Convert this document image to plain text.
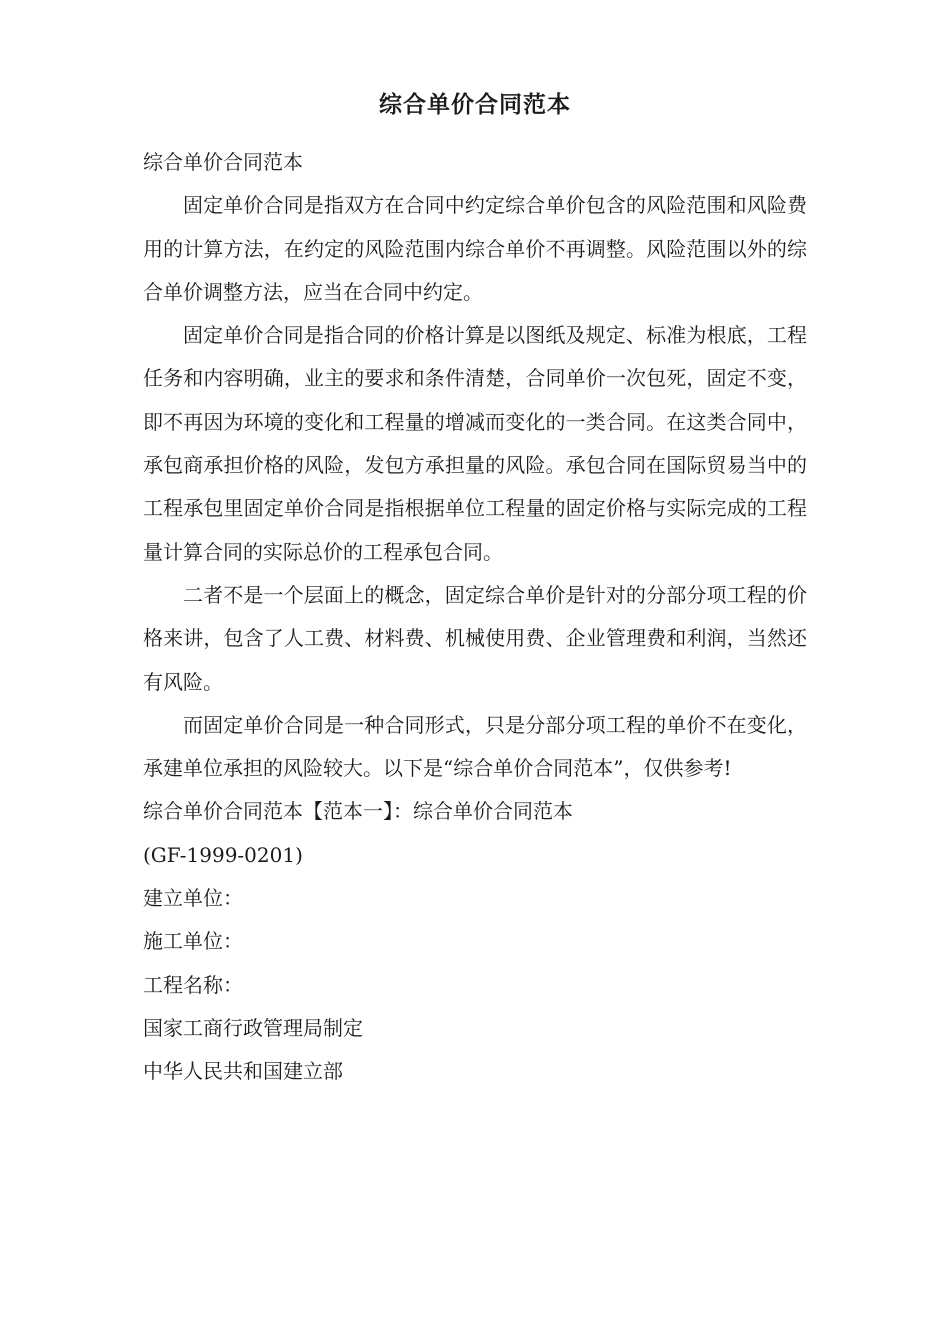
综合单价合同范本

综合单价合同范本

固定单价合同是指双方在合同中约定综合单价包含的风险范围和风险费用的计算方法，在约定的风险范围内综合单价不再调整。风险范围以外的综合单价调整方法，应当在合同中约定。

固定单价合同是指合同的价格计算是以图纸及规定、标准为根底，工程任务和内容明确，业主的要求和条件清楚，合同单价一次包死，固定不变，即不再因为环境的变化和工程量的增减而变化的一类合同。在这类合同中，承包商承担价格的风险，发包方承担量的风险。承包合同在国际贸易当中的工程承包里固定单价合同是指根据单位工程量的固定价格与实际完成的工程量计算合同的实际总价的工程承包合同。

二者不是一个层面上的概念，固定综合单价是针对的分部分项工程的价格来讲，包含了人工费、材料费、机械使用费、企业管理费和利润，当然还有风险。

而固定单价合同是一种合同形式，只是分部分项工程的单价不在变化，承建单位承担的风险较大。以下是“综合单价合同范本”，仅供参考!

综合单价合同范本【范本一】：综合单价合同范本

(GF-1999-0201)

建立单位：

施工单位：

工程名称：

国家工商行政管理局制定

中华人民共和国建立部
